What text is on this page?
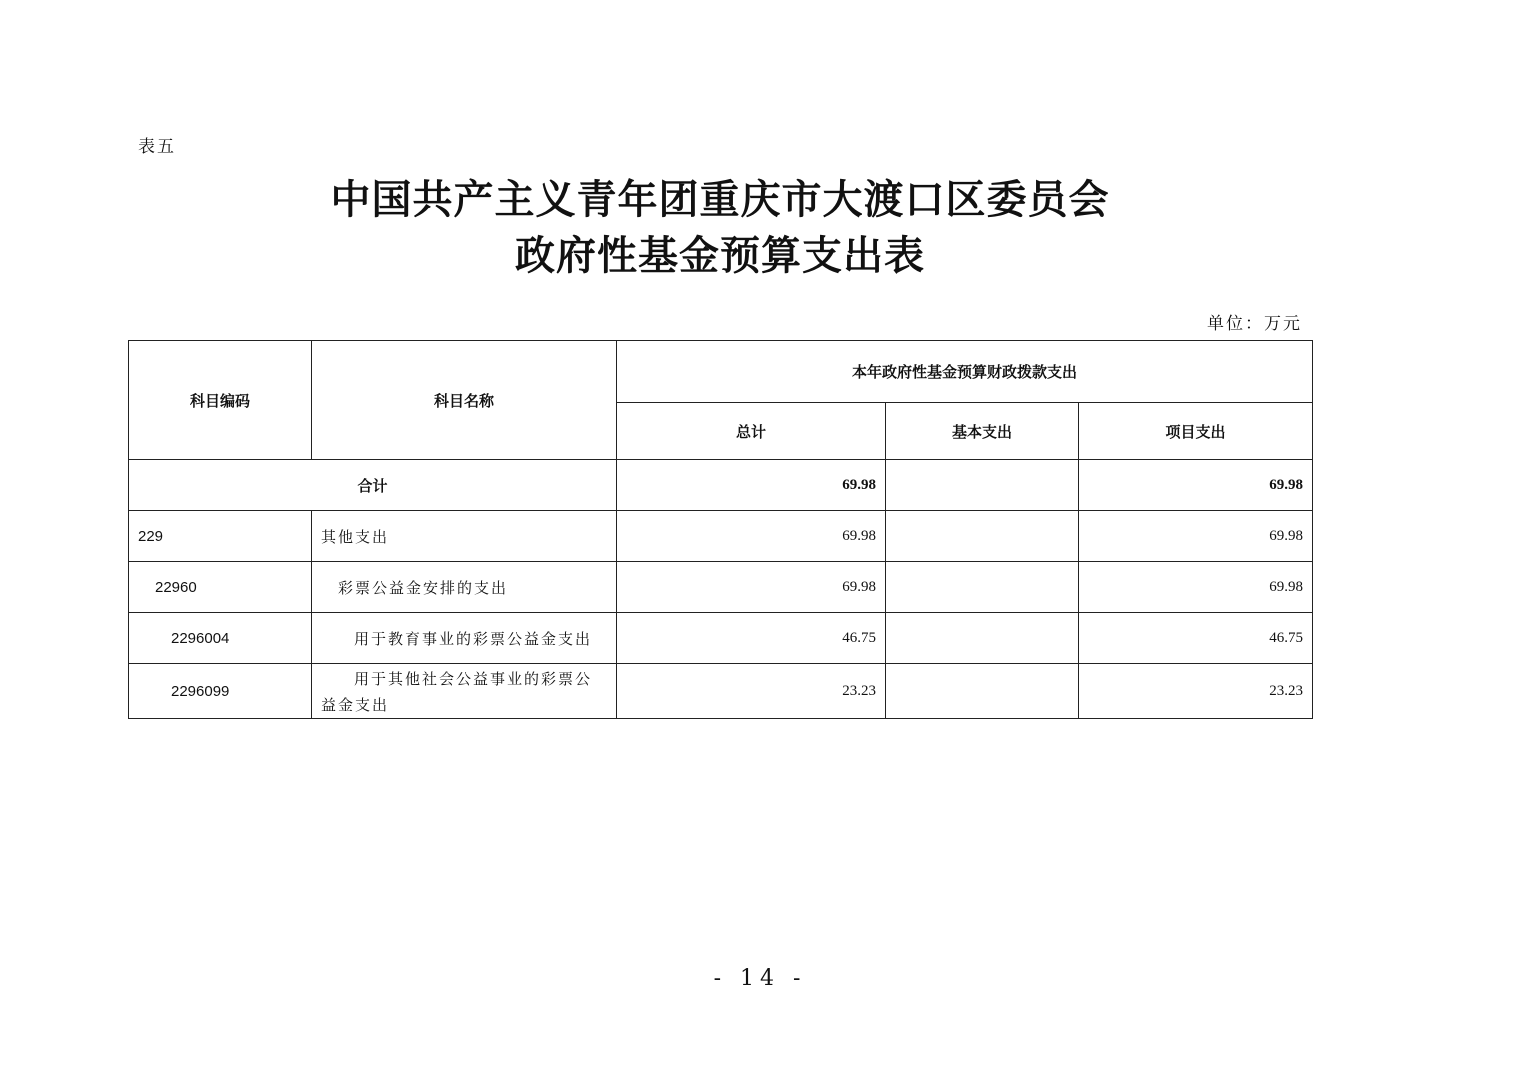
表五
中国共产主义青年团重庆市大渡口区委员会
政府性基金预算支出表
单位：万元
科目编码	科目名称	本年政府性基金预算财政拨款支出		
		总计	基本支出	项目支出
合计		69.98		69.98
229	其他支出	69.98		69.98
22960	彩票公益金安排的支出	69.98		69.98
2296004	用于教育事业的彩票公益金支出	46.75		46.75
2296099	用于其他社会公益事业的彩票公益金支出	23.23		23.23
- 14 -
